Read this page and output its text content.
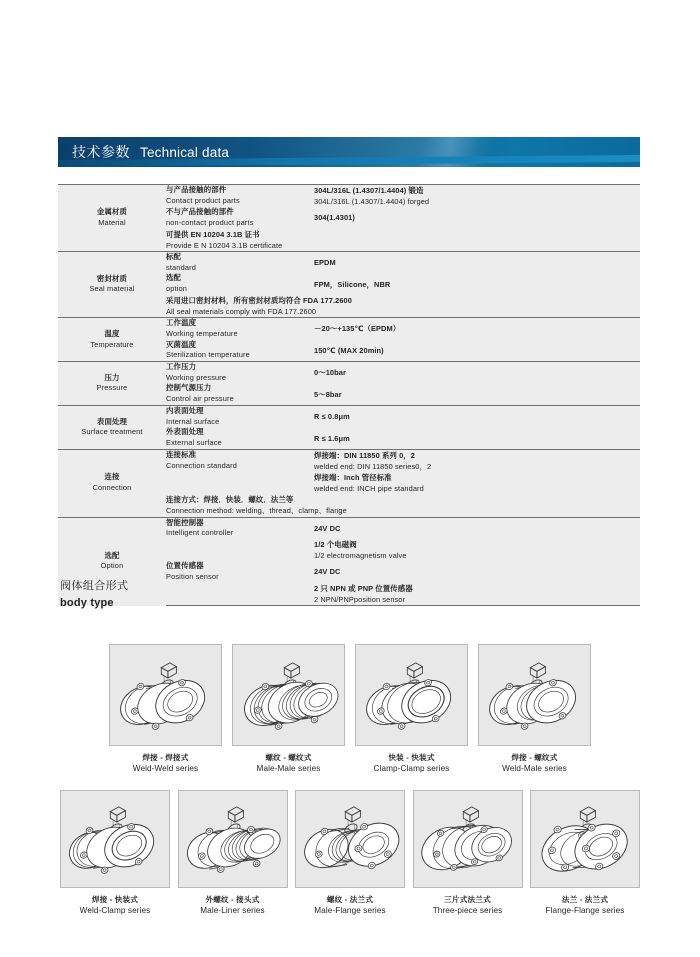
技术参数 Technical data
金属材质
Material	与产品接触的部件
Contact product parts	304L/316L (1.4307/1.4404) 锻造
304L/316L (1.4307/1.4404) forged

	不与产品接触的部件
non-contact product parts	304(1.4301)

	可提供 EN 10204 3.1B 证书
Provide E N 10204 3.1B certificate	

密封材质
Seal material	标配
standard	EPDM

	选配
option	FPM，Silicone，NBR

	采用进口密封材料，所有密封材质均符合 FDA 177.2600
All seal materials comply with FDA 177.2600	

温度
Temperature	工作温度
Working temperature	－20～+135℃（EPDM）

	灭菌温度
Sterilization temperature	150℃ (MAX 20min)

压力
Pressure	工作压力
Working pressure	0～10bar

	控制气源压力
Control air pressure	5～8bar

表面处理
Surface treatment	内表面处理
Internal surface	R ≤ 0.8μm

	外表面处理
External surface	R ≤ 1.6μm

连接
Connection	连接标准
Connection standard	焊接端：DIN 11850 系列 0，2
welded end: DIN 11850 series0，2

		焊接端：Inch 管径标准
welded end: INCH pipe standard

	连接方式：焊接．快装．螺纹．法兰等
Connection method: welding、thread、clamp、flange	

选配
Option	智能控制器
Intelligent controller	24V DC

		1/2 个电磁阀
1/2 electromagnetism valve

	位置传感器
Position sensor	24V DC

		2 只 NPN 或 PNP 位置传感器
2 NPN/PNPposition sensor
阀体组合形式
body type
焊接 - 焊接式
Weld-Weld series
螺纹 - 螺纹式
Male-Male series
快装 - 快装式
Clamp-Clamp series
焊接 - 螺纹式
Weld-Male series
焊接 - 快装式
Weld-Clamp series
外螺纹 - 接头式
Male-Liner series
螺纹 - 法兰式
Male-Flange series
三片式法兰式
Three-piece series
法兰 - 法兰式
Flange-Flange series
